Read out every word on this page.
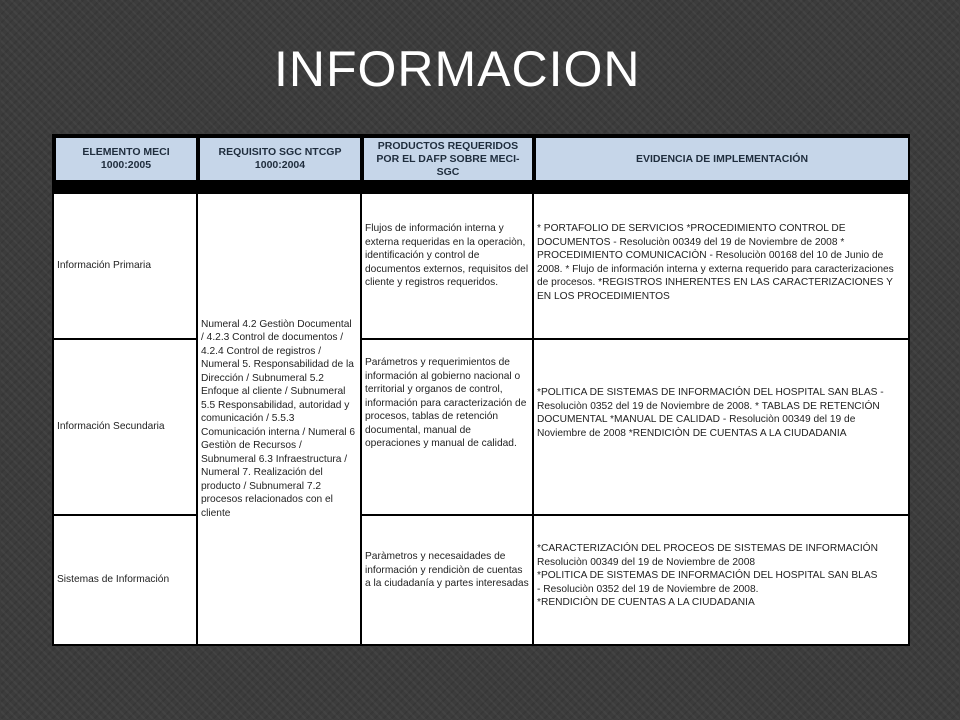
INFORMACION
ELEMENTO MECI 1000:2005
REQUISITO SGC NTCGP 1000:2004
PRODUCTOS REQUERIDOS POR EL DAFP SOBRE MECI-SGC
EVIDENCIA DE IMPLEMENTACIÓN
Información Primaria
Información Secundaria
Sistemas de Información
Numeral 4.2 Gestiòn Documental / 4.2.3 Control de documentos / 4.2.4 Control de registros / Numeral 5. Responsabilidad de la Dirección / Subnumeral 5.2 Enfoque al cliente / Subnumeral 5.5 Responsabilidad, autoridad y comunicación / 5.5.3 Comunicación interna / Numeral 6 Gestiòn de Recursos / Subnumeral 6.3 Infraestructura / Numeral 7. Realización del producto / Subnumeral 7.2 procesos relacionados con el cliente
Flujos de información interna y externa requeridas en la operaciòn, identificación y control de documentos externos, requisitos del cliente y registros requeridos.
Parámetros y requerimientos de información al gobierno nacional o territorial y organos de control, información para caracterización de procesos, tablas de retención documental, manual de operaciones y manual de calidad.
Paràmetros y necesaidades de información y rendiciòn de cuentas a la ciudadanía y partes interesadas
* PORTAFOLIO DE SERVICIOS *PROCEDIMIENTO CONTROL DE DOCUMENTOS - Resoluciòn 00349 del 19 de Noviembre de 2008 * PROCEDIMIENTO COMUNICACIÒN - Resoluciòn 00168 del 10 de Junio de 2008. * Flujo de información interna y externa requerido para caracterizaciones de procesos. *REGISTROS INHERENTES EN LAS CARACTERIZACIONES Y EN LOS PROCEDIMIENTOS
*POLITICA DE SISTEMAS DE INFORMACIÓN DEL HOSPITAL SAN BLAS - Resoluciòn 0352 del 19 de Noviembre de 2008. * TABLAS DE RETENCIÓN DOCUMENTAL *MANUAL DE CALIDAD - Resoluciòn 00349 del 19 de Noviembre de 2008 *RENDICIÒN DE CUENTAS A LA CIUDADANIA
*CARACTERIZACIÓN DEL PROCEOS DE SISTEMAS DE INFORMACIÓN
Resoluciòn 00349 del 19 de Noviembre de 2008
*POLITICA DE SISTEMAS DE INFORMACIÓN DEL HOSPITAL SAN BLAS
- Resoluciòn 0352 del 19 de Noviembre de 2008.
*RENDICIÒN DE CUENTAS A LA CIUDADANIA
